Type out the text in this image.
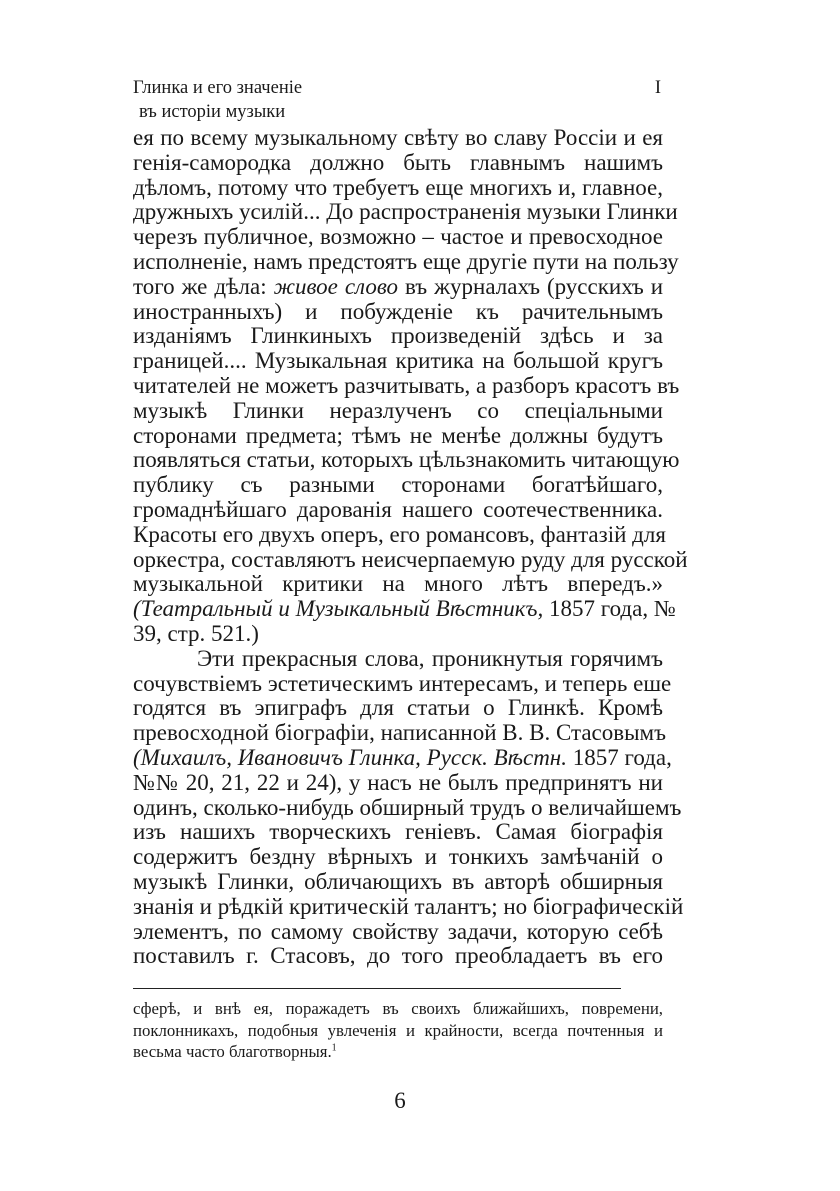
Глинка и его значеніе
въ исторіи музыки
I
ея по всему музыкальному свѣту во славу Россіи и ея
генія-самородка должно быть главнымъ нашимъ
дѣломъ, потому что требуетъ еще многихъ и, главное,
дружныхъ усилій... До распространенія музыки Глинки
черезъ публичное, возможно – частое и превосходное
исполненіе, намъ предстоятъ еще другіе пути на пользу
того же дѣла: живое слово въ журналахъ (русскихъ и
иностранныхъ) и побужденіе къ рачительнымъ
изданіямъ Глинкиныхъ произведеній здѣсь и за
границей.... Музыкальная критика на большой кругъ
читателей не можетъ разчитывать, а разборъ красотъ въ
музыкѣ Глинки неразлученъ со спеціальными
сторонами предмета; тѣмъ не менѣе должны будутъ
появляться статьи, которыхъ цѣльзнакомить читающую
публику съ разными сторонами богатѣйшаго,
громаднѣйшаго дарованія нашего соотечественника.
Красоты его двухъ оперъ, его романсовъ, фантазій для
оркестра, составляютъ неисчерпаемую руду для русской
музыкальной критики на много лѣтъ впередъ.»
(Театральный и Музыкальный Вѣстникъ, 1857 года, №
39, стр. 521.)
Эти прекрасныя слова, проникнутыя горячимъ
сочувствіемъ эстетическимъ интересамъ, и теперь еше
годятся въ эпиграфъ для статьи о Глинкѣ. Кромѣ
превосходной біографіи, написанной В. В. Стасовымъ
(Михаилъ, Ивановичъ Глинка, Русск. Вѣстн. 1857 года,
№№ 20, 21, 22 и 24), у насъ не былъ предпринятъ ни
одинъ, сколько-нибудь обширный трудъ о величайшемъ
изъ нашихъ творческихъ геніевъ. Самая біографія
содержитъ бездну вѣрныхъ и тонкихъ замѣчаній о
музыкѣ Глинки, обличающихъ въ авторѣ обширныя
знанія и рѣдкій критическій талантъ; но біографическій
элементъ, по самому свойству задачи, которую себѣ
поставилъ г. Стасовъ, до того преобладаетъ въ его
сферѣ, и внѣ ея, поражадетъ въ своихъ ближайшихъ, повремени,
поклонникахъ, подобныя увлеченія и крайности, всегда почтенныя и
весьма часто благотворныя.$^1$
6
